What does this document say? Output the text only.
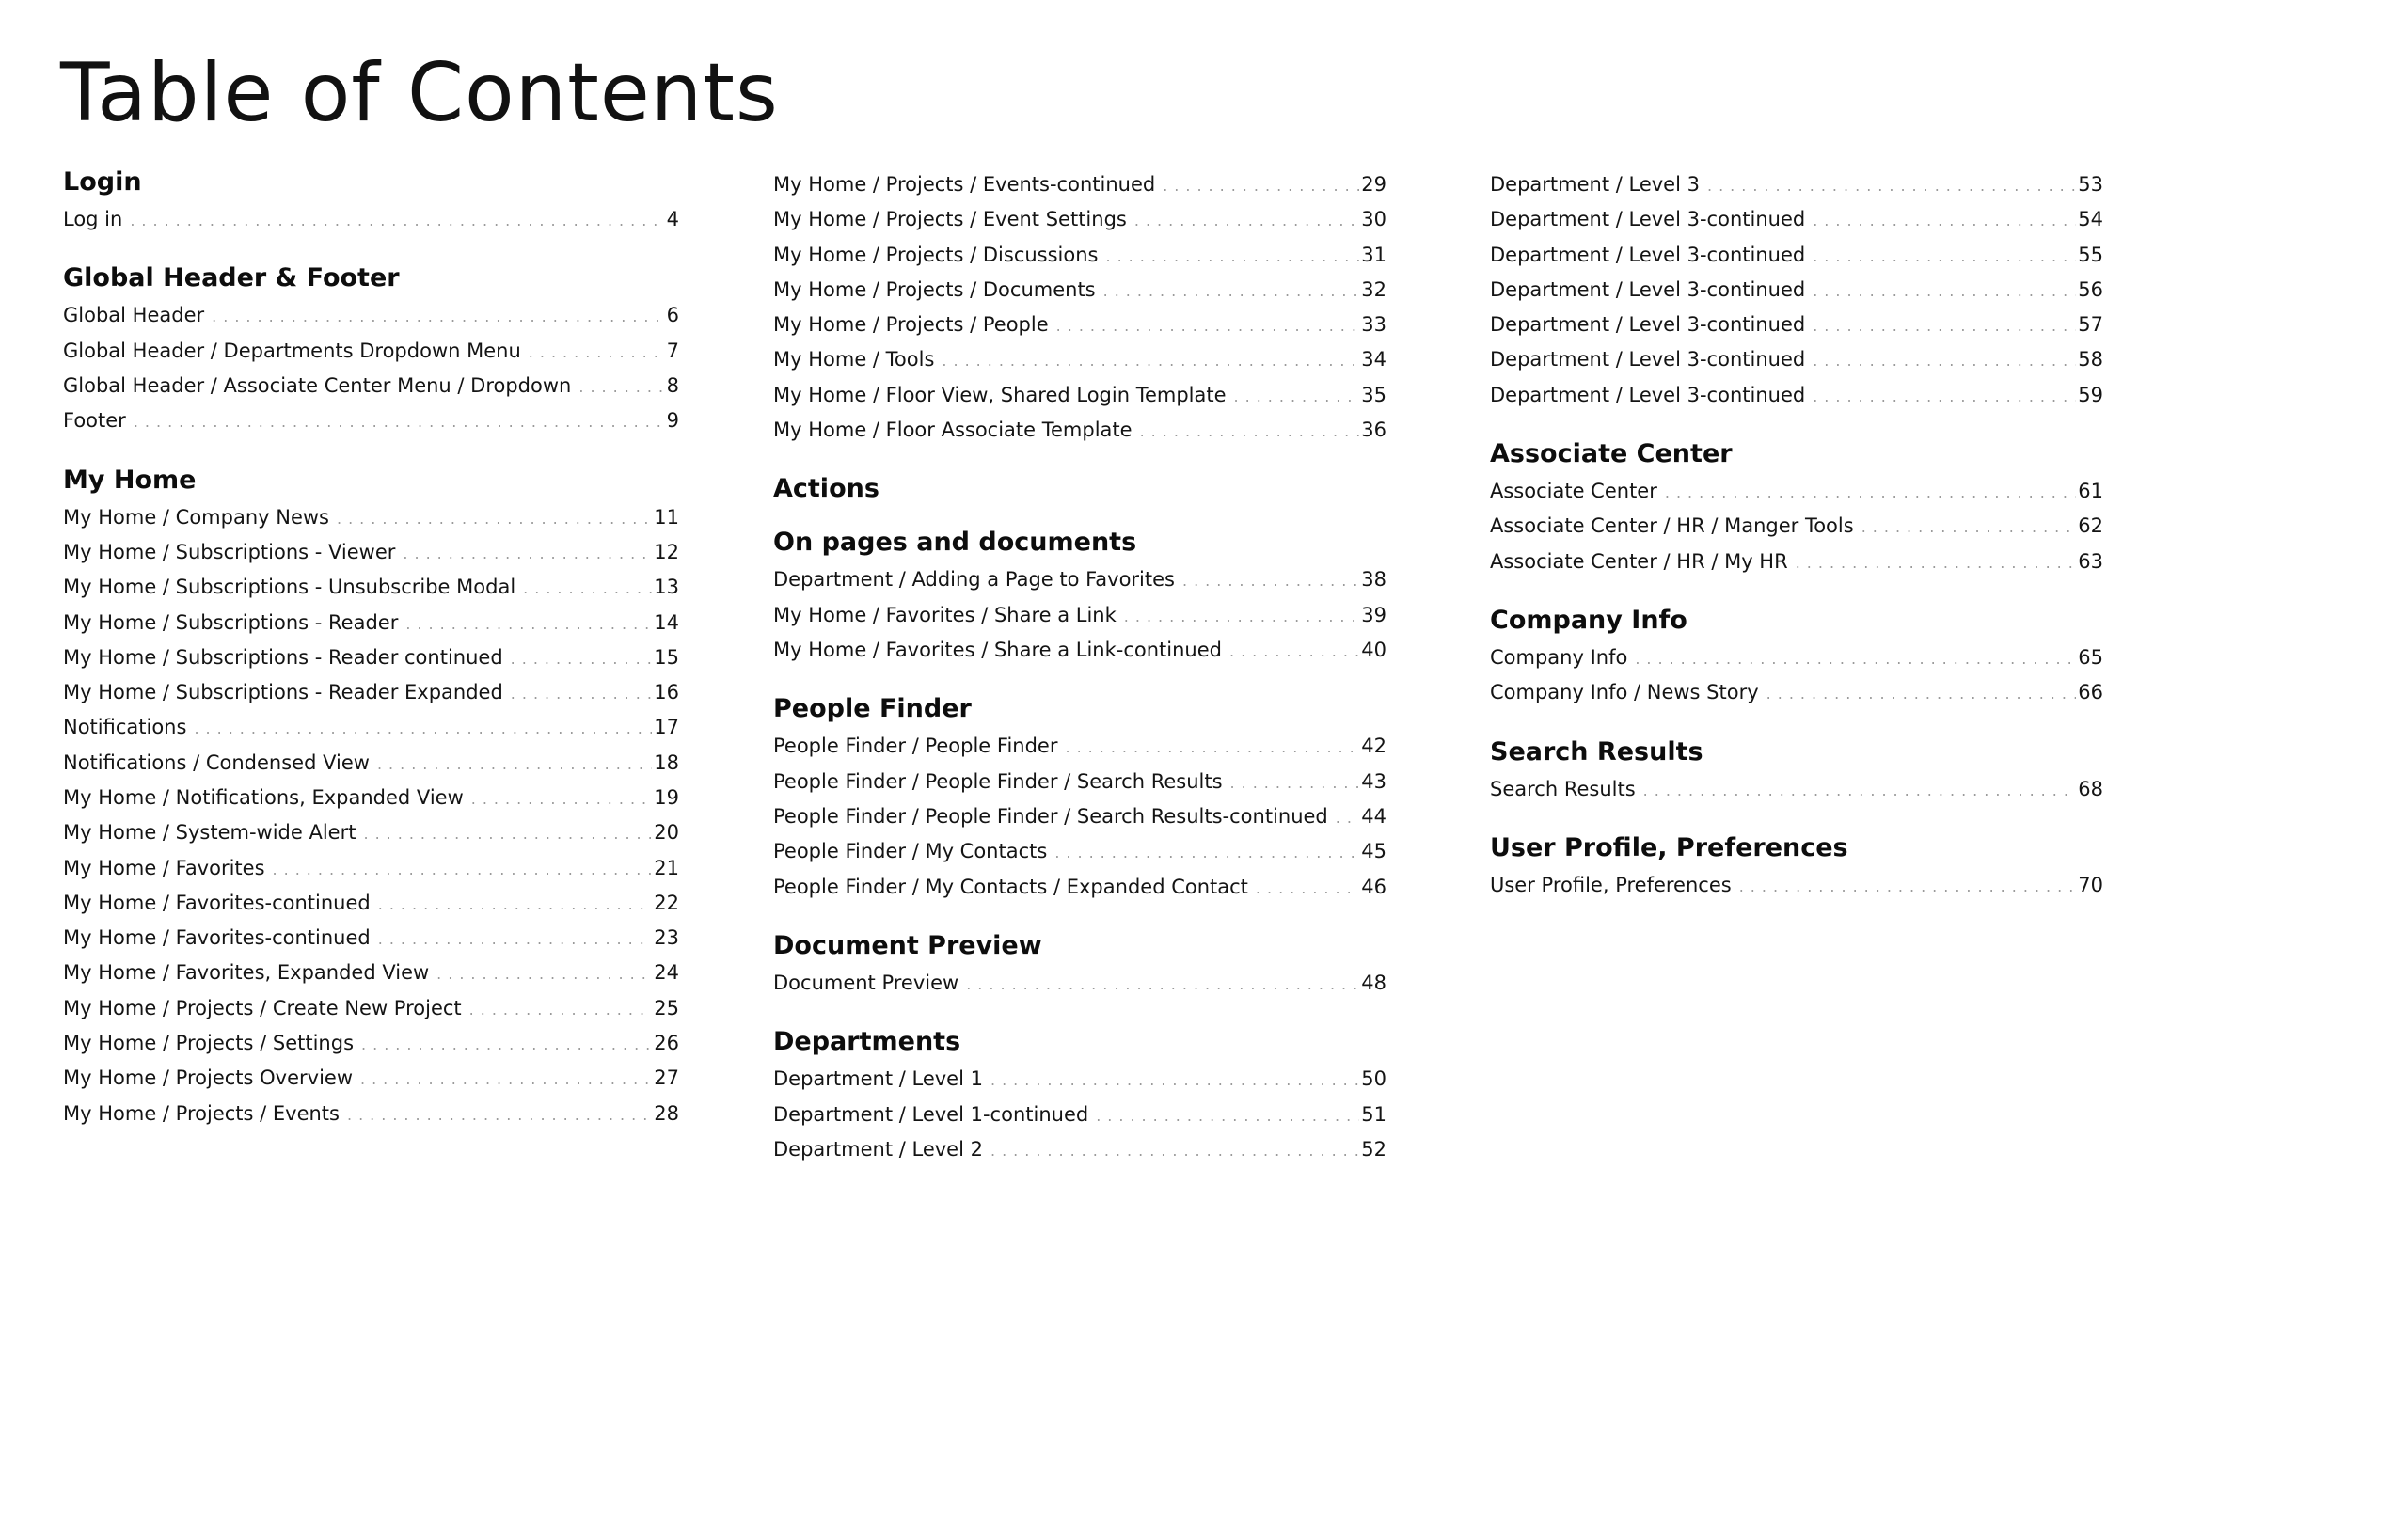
Table of Contents
Login
Log in .....	4
Global Header & Footer
Global Header .....	6
Global Header / Departments Dropdown Menu .....	7
Global Header / Associate Center Menu / Dropdown .....	8
Footer .....	9
My Home
My Home / Company News .....	11
My Home / Subscriptions - Viewer .....	12
My Home / Subscriptions - Unsubscribe Modal .....	13
My Home / Subscriptions - Reader .....	14
My Home / Subscriptions - Reader continued .....	15
My Home / Subscriptions - Reader Expanded .....	16
Notifications .....	17
Notifications / Condensed View .....	18
My Home / Notifications, Expanded View .....	19
My Home / System-wide Alert .....	20
My Home / Favorites .....	21
My Home / Favorites-continued .....	22
My Home / Favorites-continued .....	23
My Home / Favorites, Expanded View .....	24
My Home / Projects / Create New Project .....	25
My Home / Projects / Settings .....	26
My Home / Projects Overview .....	27
My Home / Projects / Events .....	28
My Home / Projects / Events-continued .....	29
My Home / Projects / Event Settings .....	30
My Home / Projects / Discussions .....	31
My Home / Projects / Documents .....	32
My Home / Projects / People .....	33
My Home / Tools .....	34
My Home / Floor View, Shared Login Template .....	35
My Home / Floor Associate Template .....	36
Actions
On pages and documents
Department / Adding a Page to Favorites .....	38
My Home / Favorites / Share a Link .....	39
My Home / Favorites / Share a Link-continued .....	40
People Finder
People Finder / People Finder .....	42
People Finder / People Finder / Search Results .....	43
People Finder / People Finder / Search Results-continued ..... 44
People Finder / My Contacts .....	45
People Finder / My Contacts / Expanded Contact .....	46
Document Preview
Document Preview .....	48
Departments
Department / Level 1 .....	50
Department / Level 1-continued .....	51
Department / Level 2 .....	52
Department / Level 3 .....	53
Department / Level 3-continued .....	54
Department / Level 3-continued .....	55
Department / Level 3-continued .....	56
Department / Level 3-continued .....	57
Department / Level 3-continued .....	58
Department / Level 3-continued .....	59
Associate Center
Associate Center .....	61
Associate Center / HR / Manger Tools .....	62
Associate Center / HR / My HR .....	63
Company Info
Company Info .....	65
Company Info / News Story .....	66
Search Results
Search Results .....	68
User Profile, Preferences
User Profile, Preferences .....	70
